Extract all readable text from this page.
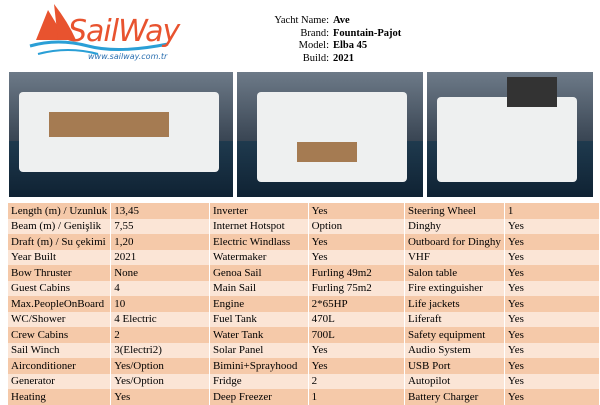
SailWay
www.sailway.com.tr
Yacht Name: Ave
Brand: Fountain-Pajot
Model: Elba 45
Build: 2021
Length (m) / Uzunluk	13,45	Inverter	Yes	Steering Wheel	1
Beam (m) / Genişlik	7,55	Internet Hotspot	Option	Dinghy	Yes
Draft (m) / Su çekimi	1,20	Electric Windlass	Yes	Outboard for Dinghy	Yes
Year Built	2021	Watermaker	Yes	VHF	Yes
Bow Thruster	None	Genoa Sail	Furling 49m2	Salon table	Yes
Guest Cabins	4	Main Sail	Furling 75m2	Fire extinguisher	Yes
Max.PeopleOnBoard	10	Engine	2*65HP	Life jackets	Yes
WC/Shower	4 Electric	Fuel Tank	470L	Liferaft	Yes
Crew Cabins	2	Water Tank	700L	Safety equipment	Yes
Sail Winch	3(Electri2)	Solar Panel	Yes	Audio System	Yes
Airconditioner	Yes/Option	Bimini+Sprayhood	Yes	USB Port	Yes
Generator	Yes/Option	Fridge	2	Autopilot	Yes
Heating	Yes	Deep Freezer	1	Battery Charger	Yes
